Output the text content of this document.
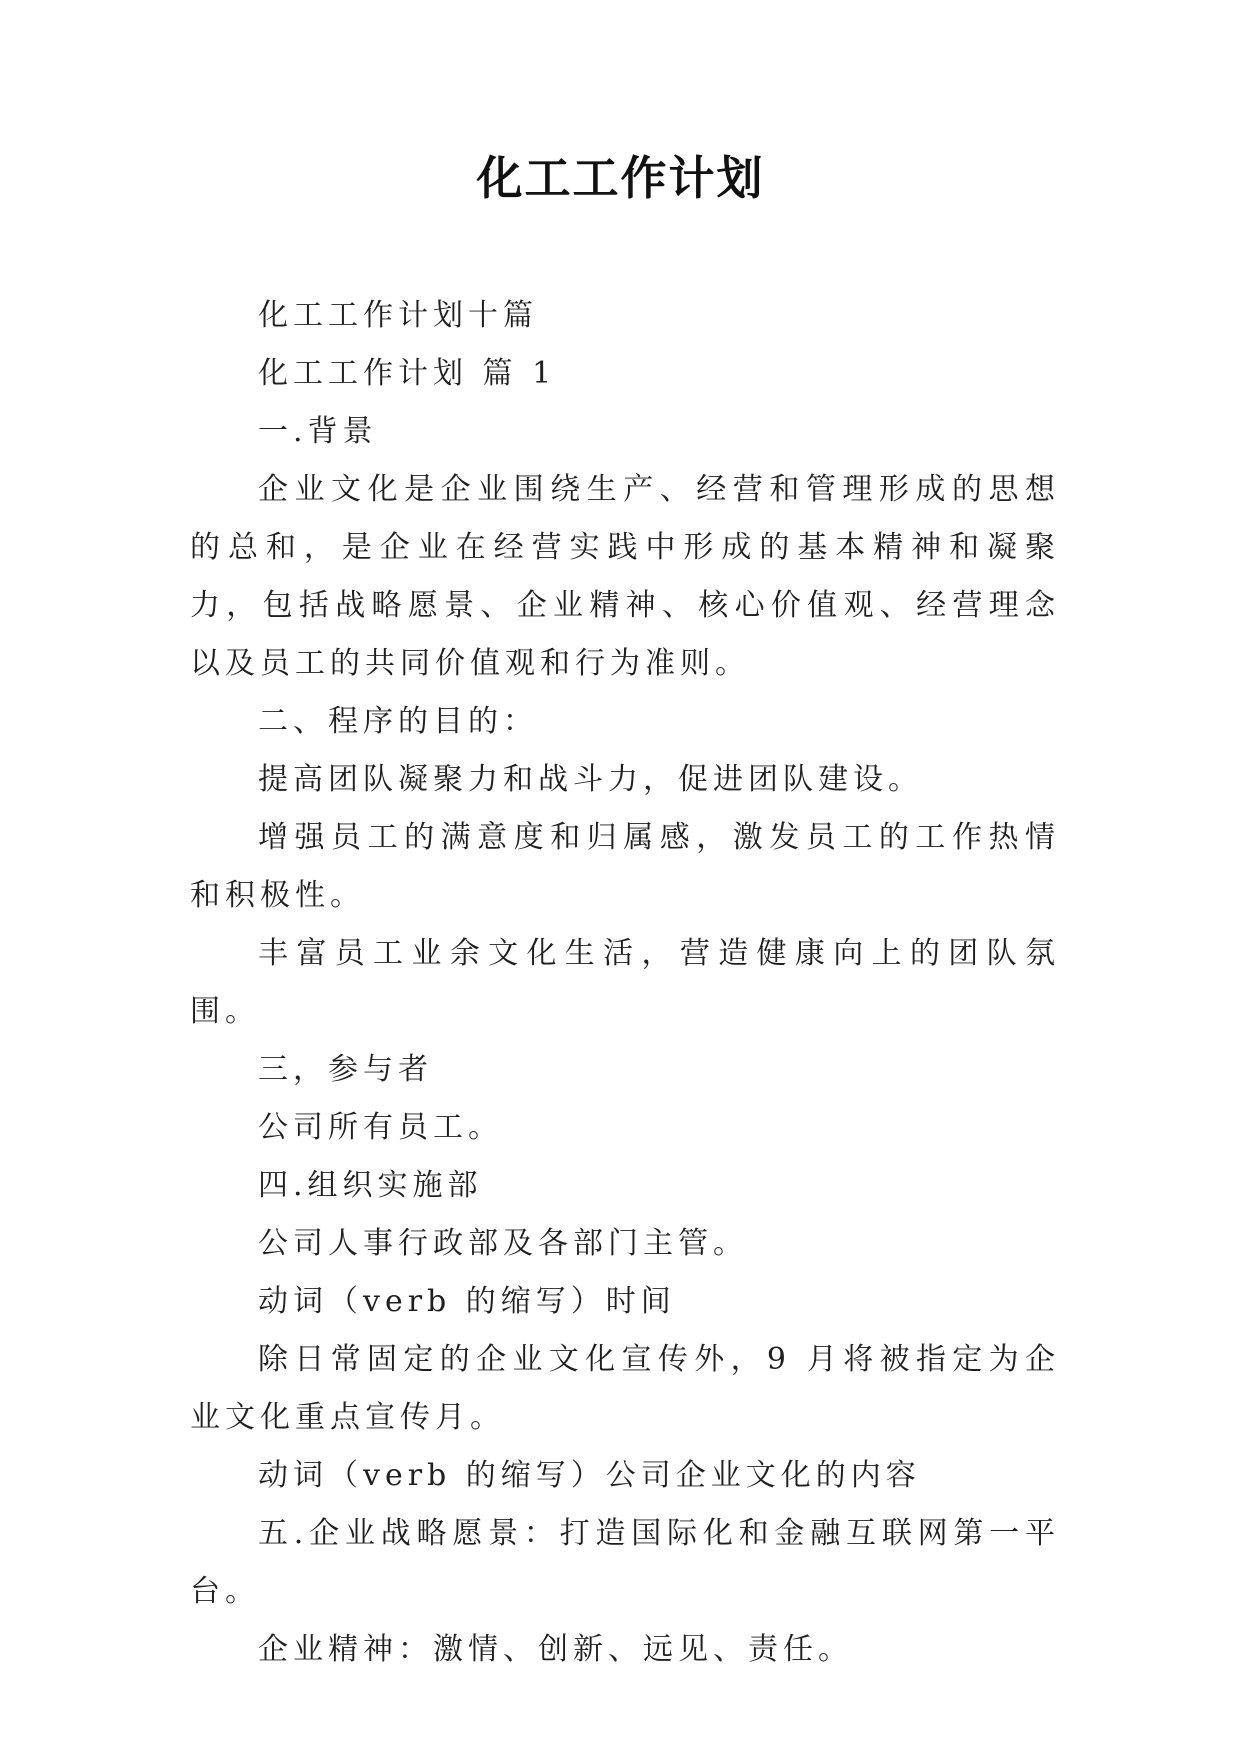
化工工作计划

化工工作计划十篇

化工工作计划 篇 1

一.背景

企业文化是企业围绕生产、经营和管理形成的思想的总和，是企业在经营实践中形成的基本精神和凝聚力，包括战略愿景、企业精神、核心价值观、经营理念以及员工的共同价值观和行为准则。

二、程序的目的：

提高团队凝聚力和战斗力，促进团队建设。

增强员工的满意度和归属感，激发员工的工作热情和积极性。

丰富员工业余文化生活，营造健康向上的团队氛围。

三，参与者

公司所有员工。

四.组织实施部

公司人事行政部及各部门主管。

动词（verb 的缩写）时间

除日常固定的企业文化宣传外，9 月将被指定为企业文化重点宣传月。

动词（verb 的缩写）公司企业文化的内容

五.企业战略愿景：打造国际化和金融互联网第一平台。

企业精神：激情、创新、远见、责任。
